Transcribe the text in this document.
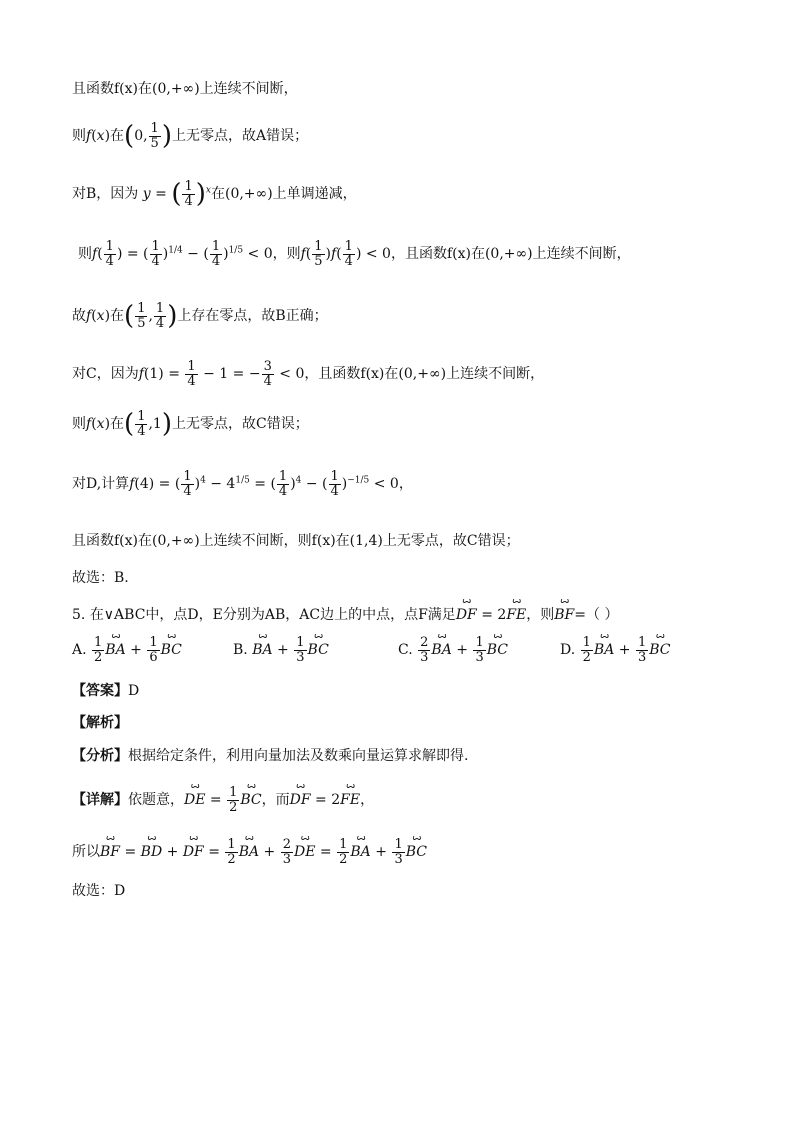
且函数f(x)在(0,+∞)上连续不间断，
则f(x)在(0, $\frac{1}{5}$ )上无零点，故A错误；
对B，因为 y = ( $\frac{1}{4} )^x$在(0,+∞)上单调递减，
则$f( \frac{1}{4}$ ) = ( $\frac{1}{4} )^{1/4}$ − ( $\frac{1}{4} )^{1/5} < 0$，则$f( \frac{1}{5} )f( \frac{1}{4}$ ) < 0，且函数f(x)在(0,+∞)上连续不间断，
故f(x)在( $\frac{1}{5}$ , $\frac{1}{4}$ )上存在零点，故B正确；
对C，因为$f(1) = \frac{1}{4} - 1$ = − $\frac{3}{4} < 0$，且函数f(x)在(0,+∞)上连续不间断，
则f(x)在( $\frac{1}{4} ,1$)上无零点，故C错误；
对D,计算f(4) = ( $\frac{1}{4} )^4 - 4^{1/5}$ = ( $\frac{1}{4} )^4$ − ( $\frac{1}{4} )^{-1/5} < 0$，
且函数f(x)在(0,+∞)上连续不间断，则f(x)在(1,4)上无零点，故C错误；
故选：B.
5. 在∨ABC中，点D，E分别为AB，AC边上的中点，点F满足ꙍ DF = 2ꙍ FE，则ꙍ BF=（ ）
A. $\frac{1}{2}$ ꙍ BA + $\frac{1}{6}$ ꙍ BC	B. ꙍ BA + $\frac{1}{3}$ ꙍ BC	C. $\frac{2}{3}$ ꙍ BA + $\frac{1}{3}$ ꙍ BC	D. $\frac{1}{2}$ ꙍ BA + $\frac{1}{3}$ ꙍ BC
【答案】D
【解析】
【分析】根据给定条件，利用向量加法及数乘向量运算求解即得.
【详解】依题意，ꙍ DE = $\frac{1}{2}$ ꙍ BC，而ꙍ DF = 2ꙍ FE，
所以ꙍ BF = ꙍ BD + ꙍ DF = $\frac{1}{2}$ ꙍ BA + $\frac{2}{3}$ ꙍ DE = $\frac{1}{2}$ ꙍ BA + $\frac{1}{3}$ ꙍ BC
故选：D
